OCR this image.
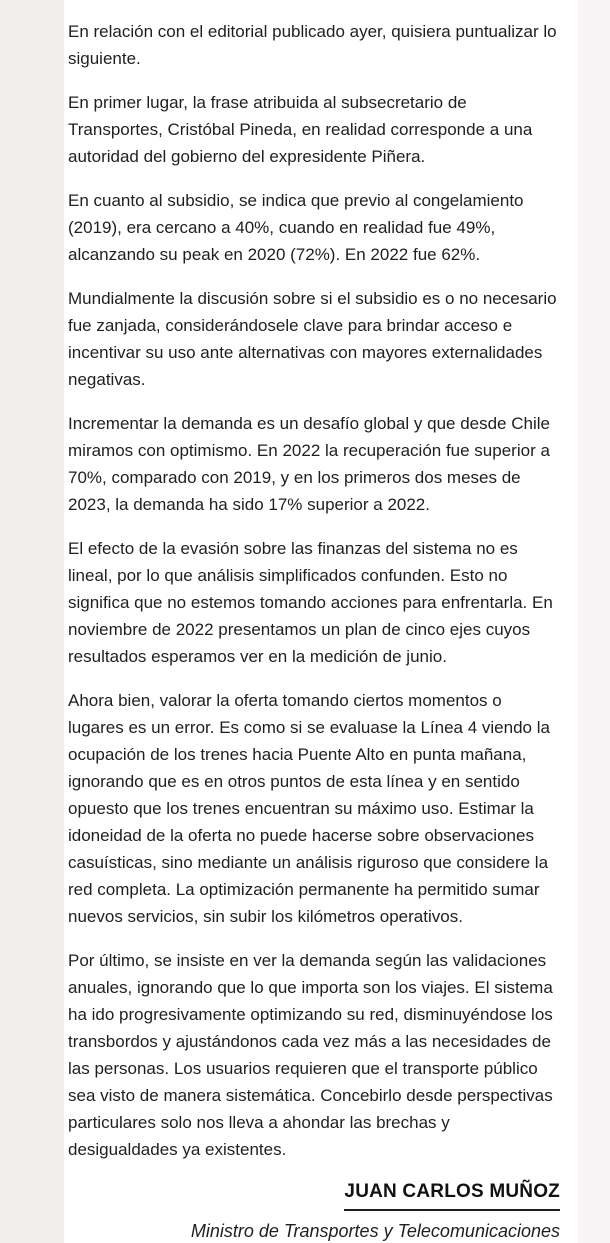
En relación con el editorial publicado ayer, quisiera puntualizar lo siguiente.

En primer lugar, la frase atribuida al subsecretario de Transportes, Cristóbal Pineda, en realidad corresponde a una autoridad del gobierno del expresidente Piñera.

En cuanto al subsidio, se indica que previo al congelamiento (2019), era cercano a 40%, cuando en realidad fue 49%, alcanzando su peak en 2020 (72%). En 2022 fue 62%.

Mundialmente la discusión sobre si el subsidio es o no necesario fue zanjada, considerándosele clave para brindar acceso e incentivar su uso ante alternativas con mayores externalidades negativas.

Incrementar la demanda es un desafío global y que desde Chile miramos con optimismo. En 2022 la recuperación fue superior a 70%, comparado con 2019, y en los primeros dos meses de 2023, la demanda ha sido 17% superior a 2022.

El efecto de la evasión sobre las finanzas del sistema no es lineal, por lo que análisis simplificados confunden. Esto no significa que no estemos tomando acciones para enfrentarla. En noviembre de 2022 presentamos un plan de cinco ejes cuyos resultados esperamos ver en la medición de junio.

Ahora bien, valorar la oferta tomando ciertos momentos o lugares es un error. Es como si se evaluase la Línea 4 viendo la ocupación de los trenes hacia Puente Alto en punta mañana, ignorando que es en otros puntos de esta línea y en sentido opuesto que los trenes encuentran su máximo uso. Estimar la idoneidad de la oferta no puede hacerse sobre observaciones casuísticas, sino mediante un análisis riguroso que considere la red completa. La optimización permanente ha permitido sumar nuevos servicios, sin subir los kilómetros operativos.

Por último, se insiste en ver la demanda según las validaciones anuales, ignorando que lo que importa son los viajes. El sistema ha ido progresivamente optimizando su red, disminuyéndose los transbordos y ajustándonos cada vez más a las necesidades de las personas. Los usuarios requieren que el transporte público sea visto de manera sistemática. Concebirlo desde perspectivas particulares solo nos lleva a ahondar las brechas y desigualdades ya existentes.

JUAN CARLOS MUÑOZ
Ministro de Transportes y Telecomunicaciones
